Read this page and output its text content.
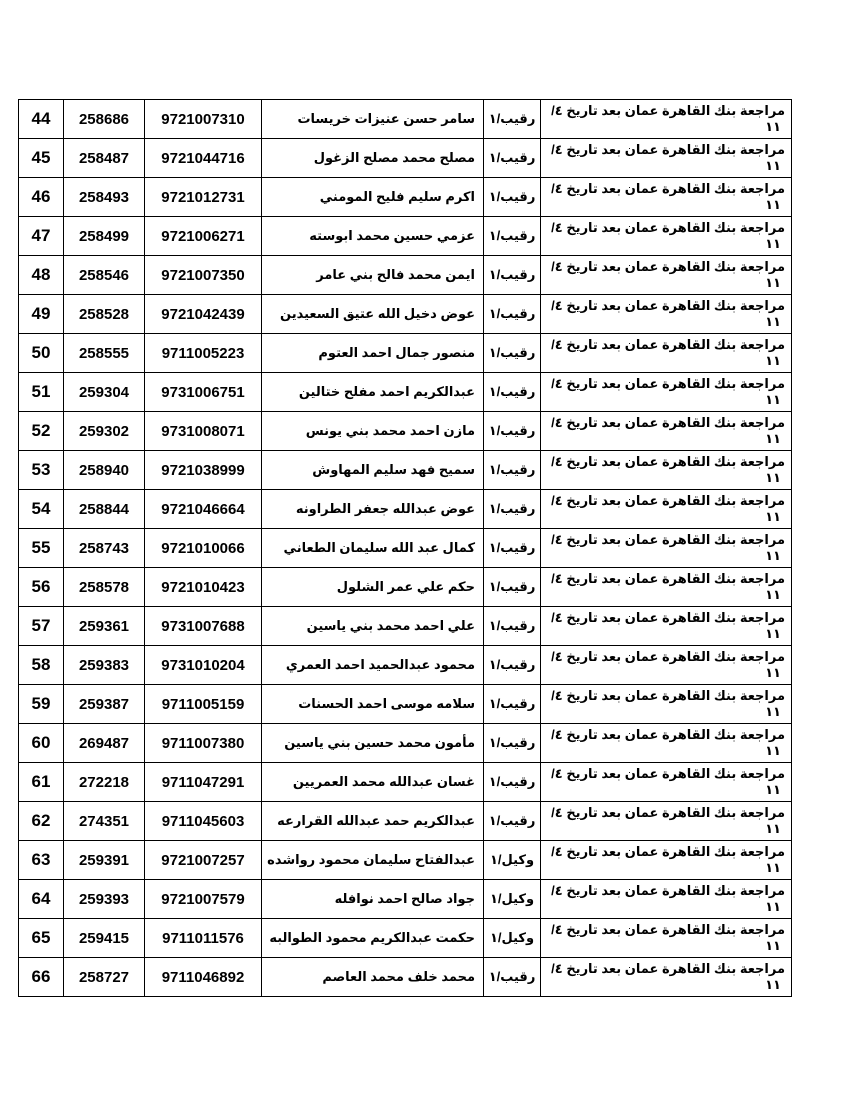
44	258686	9721007310	سامر حسن عنيزات خريسات	رقيب/١	مراجعة بنك القاهرة عمان بعد تاريخ ٤/
١١

45	258487	9721044716	مصلح محمد مصلح الزغول	رقيب/١	مراجعة بنك القاهرة عمان بعد تاريخ ٤/
١١

46	258493	9721012731	اكرم سليم فليح المومني	رقيب/١	مراجعة بنك القاهرة عمان بعد تاريخ ٤/
١١

47	258499	9721006271	عزمي حسين محمد ابوسته	رقيب/١	مراجعة بنك القاهرة عمان بعد تاريخ ٤/
١١

48	258546	9721007350	ايمن محمد فالح بني عامر	رقيب/١	مراجعة بنك القاهرة عمان بعد تاريخ ٤/
١١

49	258528	9721042439	عوض دخيل الله عتيق السعيدين	رقيب/١	مراجعة بنك القاهرة عمان بعد تاريخ ٤/
١١

50	258555	9711005223	منصور جمال احمد العتوم	رقيب/١	مراجعة بنك القاهرة عمان بعد تاريخ ٤/
١١

51	259304	9731006751	عبدالكريم احمد مفلح ختالين	رقيب/١	مراجعة بنك القاهرة عمان بعد تاريخ ٤/
١١

52	259302	9731008071	مازن احمد محمد بني يونس	رقيب/١	مراجعة بنك القاهرة عمان بعد تاريخ ٤/
١١

53	258940	9721038999	سميح فهد سليم المهاوش	رقيب/١	مراجعة بنك القاهرة عمان بعد تاريخ ٤/
١١

54	258844	9721046664	عوض عبدالله جعفر الطراونه	رقيب/١	مراجعة بنك القاهرة عمان بعد تاريخ ٤/
١١

55	258743	9721010066	كمال عبد الله سليمان الطعاني	رقيب/١	مراجعة بنك القاهرة عمان بعد تاريخ ٤/
١١

56	258578	9721010423	حكم علي عمر الشلول	رقيب/١	مراجعة بنك القاهرة عمان بعد تاريخ ٤/
١١

57	259361	9731007688	علي احمد محمد بني ياسين	رقيب/١	مراجعة بنك القاهرة عمان بعد تاريخ ٤/
١١

58	259383	9731010204	محمود عبدالحميد احمد العمري	رقيب/١	مراجعة بنك القاهرة عمان بعد تاريخ ٤/
١١

59	259387	9711005159	سلامه موسى احمد الحسنات	رقيب/١	مراجعة بنك القاهرة عمان بعد تاريخ ٤/
١١

60	269487	9711007380	مأمون محمد حسين بني ياسين	رقيب/١	مراجعة بنك القاهرة عمان بعد تاريخ ٤/
١١

61	272218	9711047291	غسان عبدالله محمد العمريين	رقيب/١	مراجعة بنك القاهرة عمان بعد تاريخ ٤/
١١

62	274351	9711045603	عبدالكريم حمد عبدالله القرارعه	رقيب/١	مراجعة بنك القاهرة عمان بعد تاريخ ٤/
١١

63	259391	9721007257	عبدالفتاح سليمان محمود رواشده	وكيل/١	مراجعة بنك القاهرة عمان بعد تاريخ ٤/
١١

64	259393	9721007579	جواد صالح احمد نوافله	وكيل/١	مراجعة بنك القاهرة عمان بعد تاريخ ٤/
١١

65	259415	9711011576	حكمت عبدالكريم محمود الطوالبه	وكيل/١	مراجعة بنك القاهرة عمان بعد تاريخ ٤/
١١

66	258727	9711046892	محمد خلف محمد العاصم	رقيب/١	مراجعة بنك القاهرة عمان بعد تاريخ ٤/
١١
